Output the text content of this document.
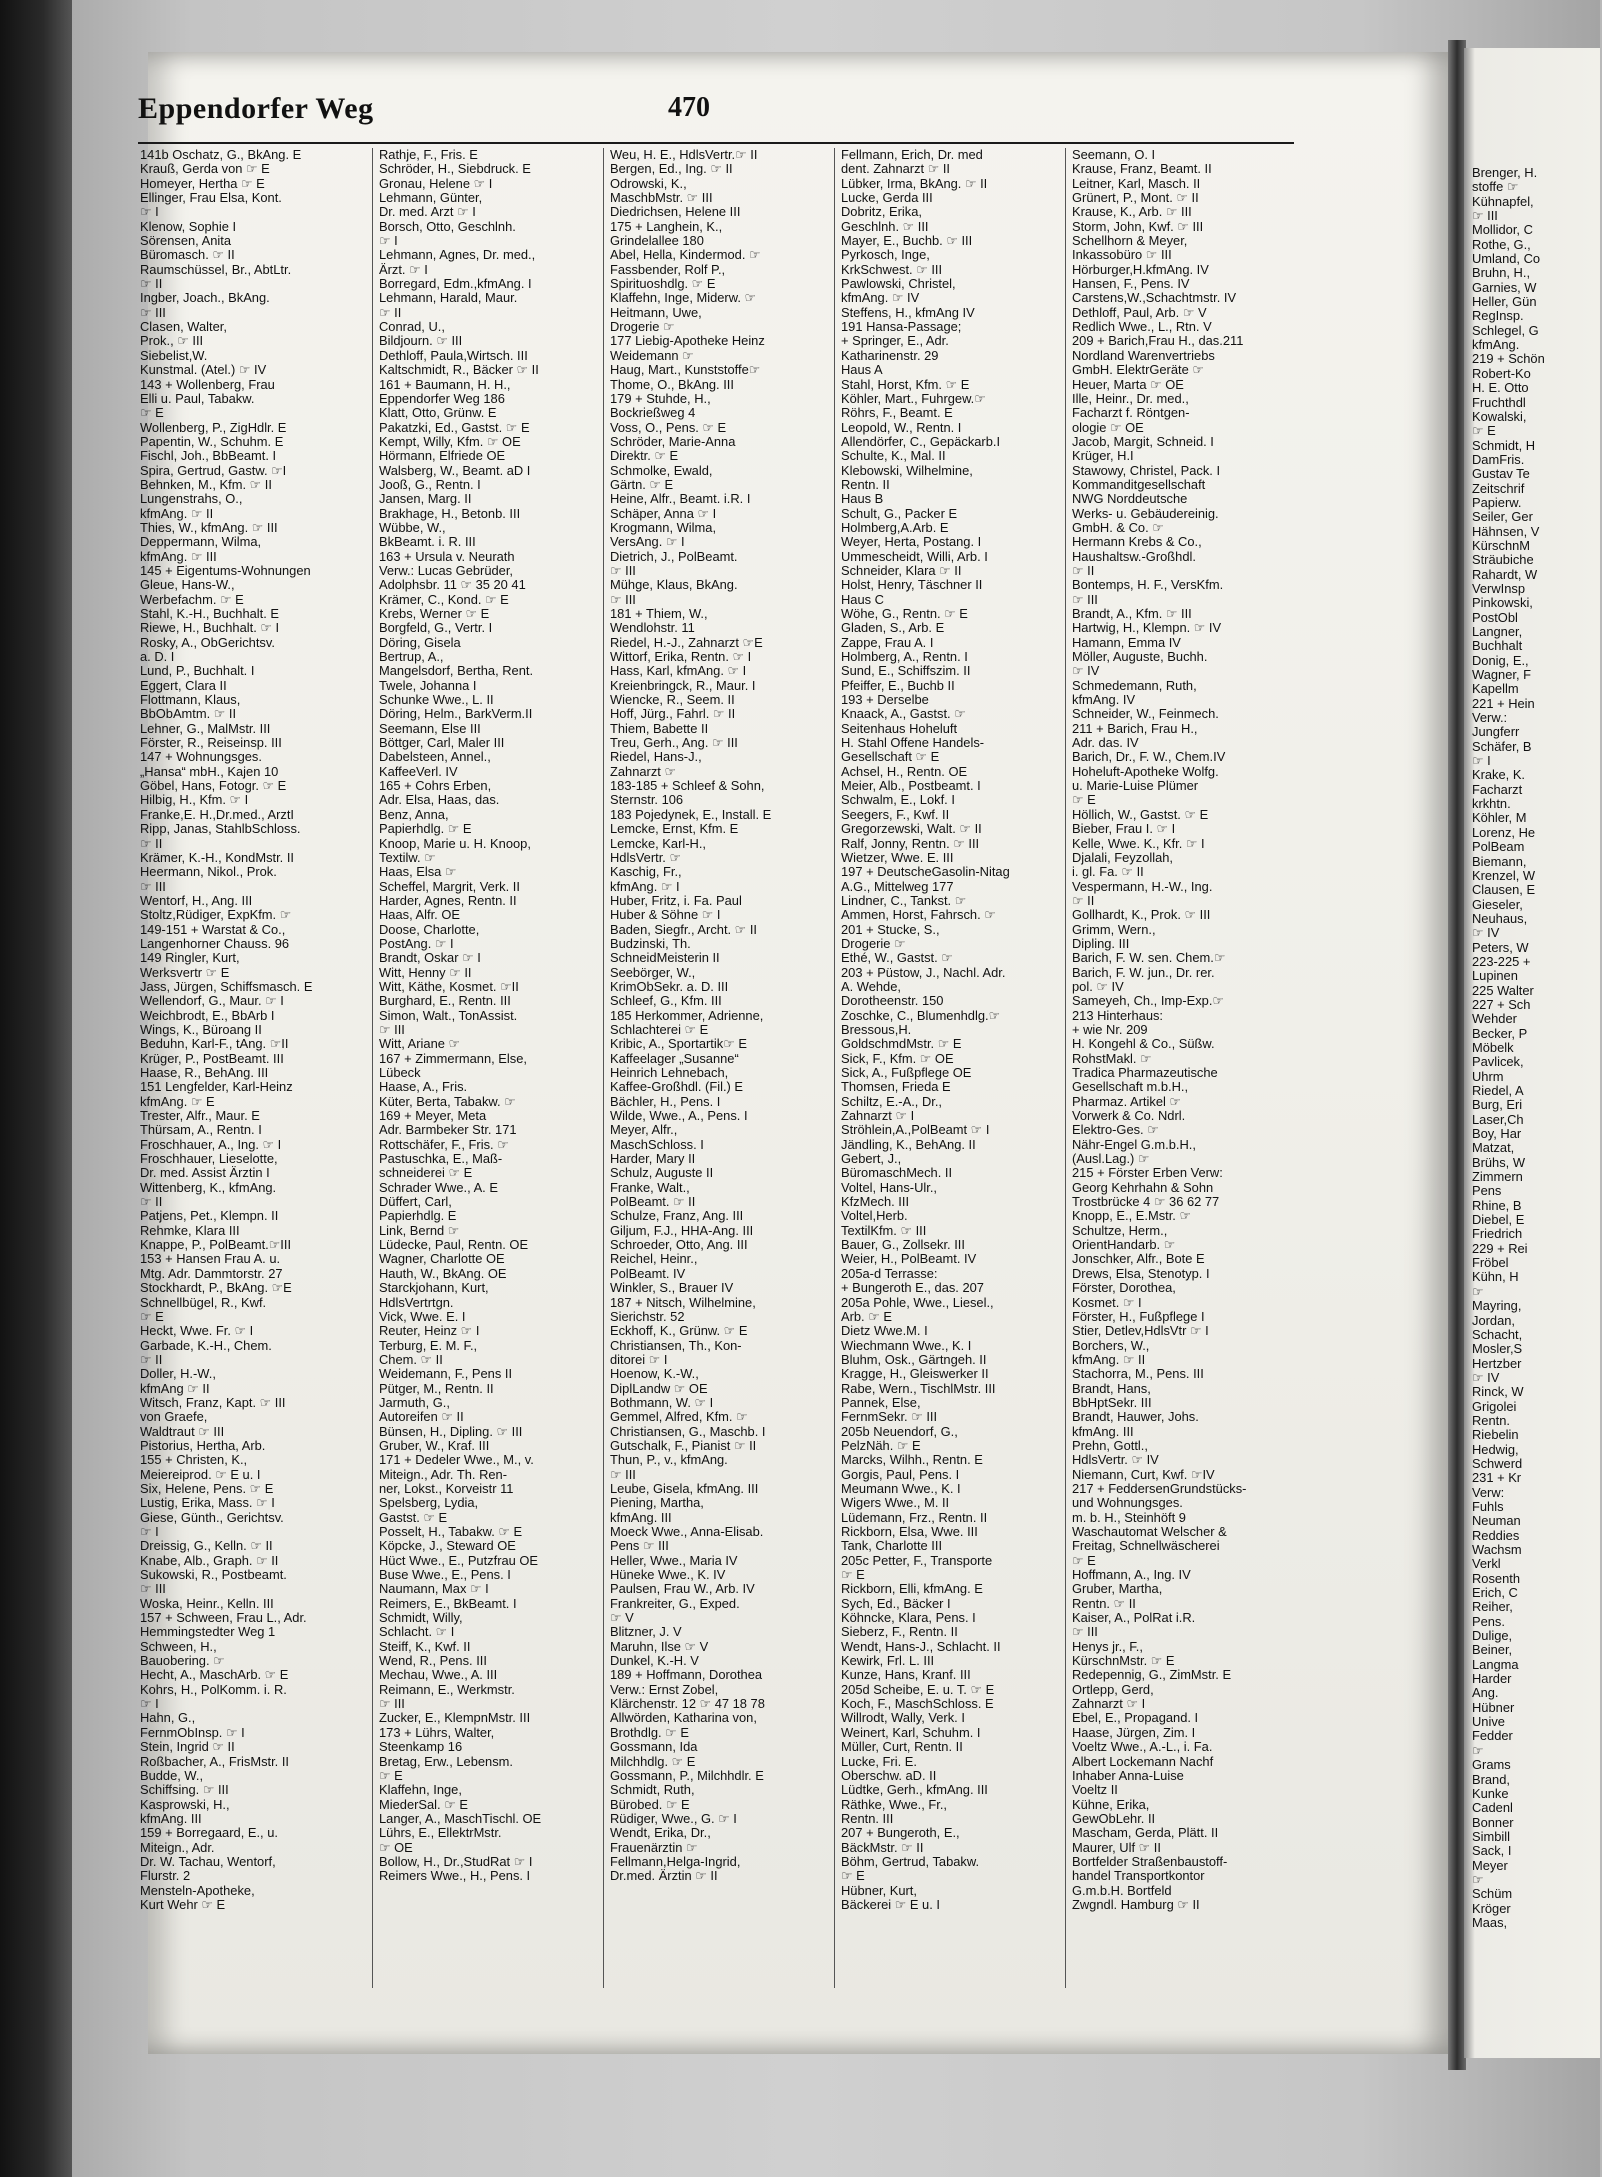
Eppendorfer Weg	470
141b Oschatz, G., BkAng. E
Krauß, Gerda von ☞ E
Homeyer, Hertha ☞ E
Ellinger, Frau Elsa, Kont.
☞ I
Klenow, Sophie I
Sörensen, Anita
Büromasch. ☞ II
Raumschüssel, Br., AbtLtr.
☞ II
Ingber, Joach., BkAng.
☞ III
Clasen, Walter,
Prok., ☞ III
Siebelist,W.
Kunstmal. (Atel.) ☞ IV
143 + Wollenberg, Frau
Elli u. Paul, Tabakw.
☞ E
Wollenberg, P., ZigHdlr. E
Papentin, W., Schuhm. E
Fischl, Joh., BbBeamt. I
Spira, Gertrud, Gastw. ☞I
Behnken, M., Kfm. ☞ II
Lungenstrahs, O.,
kfmAng. ☞ II
Thies, W., kfmAng. ☞ III
Deppermann, Wilma,
kfmAng. ☞ III
145 + Eigentums-Wohnungen
Gleue, Hans-W.,
Werbefachm. ☞ E
Stahl, K.-H., Buchhalt. E
Riewe, H., Buchhalt. ☞ I
Rosky, A., ObGerichtsv.
a. D. I
Lund, P., Buchhalt. I
Eggert, Clara II
Flottmann, Klaus,
BbObAmtm. ☞ II
Lehner, G., MalMstr. III
Förster, R., Reiseinsp. III
147 + Wohnungsges.
„Hansa“ mbH., Kajen 10
Göbel, Hans, Fotogr. ☞ E
Hilbig, H., Kfm. ☞ I
Franke,E. H.,Dr.med., ArztI
Ripp, Janas, StahlbSchloss.
☞ II
Krämer, K.-H., KondMstr. II
Heermann, Nikol., Prok.
☞ III
Wentorf, H., Ang. III
Stoltz,Rüdiger, ExpKfm. ☞
149-151 + Warstat & Co.,
Langenhorner Chauss. 96
149 Ringler, Kurt,
Werksvertr ☞ E
Jass, Jürgen, Schiffsmasch. E
Wellendorf, G., Maur. ☞ I
Weichbrodt, E., BbArb I
Wings, K., Büroang II
Beduhn, Karl-F., tAng. ☞II
Krüger, P., PostBeamt. III
Haase, R., BehAng. III
151 Lengfelder, Karl-Heinz
kfmAng. ☞ E
Trester, Alfr., Maur. E
Thürsam, A., Rentn. I
Froschhauer, A., Ing. ☞ I
Froschhauer, Lieselotte,
Dr. med. Assist Ärztin I
Wittenberg, K., kfmAng.
☞ II
Patjens, Pet., Klempn. II
Rehmke, Klara III
Knappe, P., PolBeamt.☞III
153 + Hansen Frau A. u.
Mtg. Adr. Dammtorstr. 27
Stockhardt, P., BkAng. ☞E
Schnellbügel, R., Kwf.
☞ E
Heckt, Wwe. Fr. ☞ I
Garbade, K.-H., Chem.
☞ II
Doller, H.-W.,
kfmAng ☞ II
Witsch, Franz, Kapt. ☞ III
von Graefe,
Waldtraut ☞ III
Pistorius, Hertha, Arb.
155 + Christen, K.,
Meiereiprod. ☞ E u. I
Six, Helene, Pens. ☞ E
Lustig, Erika, Mass. ☞ I
Giese, Günth., Gerichtsv.
☞ I
Dreissig, G., Kelln. ☞ II
Knabe, Alb., Graph. ☞ II
Sukowski, R., Postbeamt.
☞ III
Woska, Heinr., Kelln. III
157 + Schween, Frau L., Adr.
Hemmingstedter Weg 1
Schween, H.,
Bauobering. ☞
Hecht, A., MaschArb. ☞ E
Kohrs, H., PolKomm. i. R.
☞ I
Hahn, G.,
FernmObInsp. ☞ I
Stein, Ingrid ☞ II
Roßbacher, A., FrisMstr. II
Budde, W.,
Schiffsing. ☞ III
Kasprowski, H.,
kfmAng. III
159 + Borregaard, E., u.
Miteign., Adr.
Dr. W. Tachau, Wentorf,
Flurstr. 2
Mensteln-Apotheke,
Kurt Wehr ☞ E
Rathje, F., Fris. E
Schröder, H., Siebdruck. E
Gronau, Helene ☞ I
Lehmann, Günter,
Dr. med. Arzt ☞ I
Borsch, Otto, Geschlnh.
☞ I
Lehmann, Agnes, Dr. med.,
Ärzt. ☞ I
Borregard, Edm.,kfmAng. I
Lehmann, Harald, Maur.
☞ II
Conrad, U.,
Bildjourn. ☞ III
Dethloff, Paula,Wirtsch. III
Kaltschmidt, R., Bäcker ☞ II
161 + Baumann, H. H.,
Eppendorfer Weg 186
Klatt, Otto, Grünw. E
Pakatzki, Ed., Gastst. ☞ E
Kempt, Willy, Kfm. ☞ OE
Hörmann, Elfriede OE
Walsberg, W., Beamt. aD I
Jooß, G., Rentn. I
Jansen, Marg. II
Brakhage, H., Betonb. III
Wübbe, W.,
BkBeamt. i. R. III
163 + Ursula v. Neurath
Verw.: Lucas Gebrüder,
Adolphsbr. 11 ☞ 35 20 41
Krämer, C., Kond. ☞ E
Krebs, Werner ☞ E
Borgfeld, G., Vertr. I
Döring, Gisela
Bertrup, A.,
Mangelsdorf, Bertha, Rent.
Twele, Johanna I
Schunke Wwe., L. II
Döring, Helm., BarkVerm.II
Seemann, Else III
Böttger, Carl, Maler III
Dabelsteen, Annel.,
KaffeeVerl. IV
165 + Cohrs Erben,
Adr. Elsa, Haas, das.
Benz, Anna,
Papierhdlg. ☞ E
Knoop, Marie u. H. Knoop,
Textilw. ☞
Haas, Elsa ☞
Scheffel, Margrit, Verk. II
Harder, Agnes, Rentn. II
Haas, Alfr. OE
Doose, Charlotte,
PostAng. ☞ I
Brandt, Oskar ☞ I
Witt, Henny ☞ II
Witt, Käthe, Kosmet. ☞II
Burghard, E., Rentn. III
Simon, Walt., TonAssist.
☞ III
Witt, Ariane ☞
167 + Zimmermann, Else,
Lübeck
Haase, A., Fris.
Küter, Berta, Tabakw. ☞
169 + Meyer, Meta
Adr. Barmbeker Str. 171
Rottschäfer, F., Fris. ☞
Pastuschka, E., Maß-
schneiderei ☞ E
Schrader Wwe., A. E
Düffert, Carl,
Papierhdlg. E
Link, Bernd ☞
Lüdecke, Paul, Rentn. OE
Wagner, Charlotte OE
Hauth, W., BkAng. OE
Starckjohann, Kurt,
HdlsVertrtgn.
Vick, Wwe. E. I
Reuter, Heinz ☞ I
Terburg, E. M. F.,
Chem. ☞ II
Weidemann, F., Pens II
Pütger, M., Rentn. II
Jarmuth, G.,
Autoreifen ☞ II
Bünsen, H., Dipling. ☞ III
Gruber, W., Kraf. III
171 + Dedeler Wwe., M., v.
Miteign., Adr. Th. Ren-
ner, Lokst., Korveistr 11
Spelsberg, Lydia,
Gastst. ☞ E
Posselt, H., Tabakw. ☞ E
Köpcke, J., Steward OE
Hüct Wwe., E., Putzfrau OE
Buse Wwe., E., Pens. I
Naumann, Max ☞ I
Reimers, E., BkBeamt. I
Schmidt, Willy,
Schlacht. ☞ I
Steiff, K., Kwf. II
Wend, R., Pens. III
Mechau, Wwe., A. III
Reimann, E., Werkmstr.
☞ III
Zucker, E., KlempnMstr. III
173 + Lührs, Walter,
Steenkamp 16
Bretag, Erw., Lebensm.
☞ E
Klaffehn, Inge,
MiederSal. ☞ E
Langer, A., MaschTischl. OE
Lührs, E., EllektrMstr.
☞ OE
Bollow, H., Dr.,StudRat ☞ I
Reimers Wwe., H., Pens. I
Weu, H. E., HdlsVertr.☞ II
Bergen, Ed., Ing. ☞ II
Odrowski, K.,
MaschbMstr. ☞ III
Diedrichsen, Helene III
175 + Langhein, K.,
Grindelallee 180
Abel, Hella, Kindermod. ☞
Fassbender, Rolf P.,
Spirituoshdlg. ☞ E
Klaffehn, Inge, Miderw. ☞
Heitmann, Uwe,
Drogerie ☞
177 Liebig-Apotheke Heinz
Weidemann ☞
Haug, Mart., Kunststoffe☞
Thome, O., BkAng. III
179 + Stuhde, H.,
Bockrießweg 4
Voss, O., Pens. ☞ E
Schröder, Marie-Anna
Direktr. ☞ E
Schmolke, Ewald,
Gärtn. ☞ E
Heine, Alfr., Beamt. i.R. I
Schäper, Anna ☞ I
Krogmann, Wilma,
VersAng. ☞ I
Dietrich, J., PolBeamt.
☞ III
Mühge, Klaus, BkAng.
☞ III
181 + Thiem, W.,
Wendlohstr. 11
Riedel, H.-J., Zahnarzt ☞E
Wittorf, Erika, Rentn. ☞ I
Hass, Karl, kfmAng. ☞ I
Kreienbringck, R., Maur. I
Wiencke, R., Seem. II
Hoff, Jürg., Fahrl. ☞ II
Thiem, Babette II
Treu, Gerh., Ang. ☞ III
Riedel, Hans-J.,
Zahnarzt ☞
183-185 + Schleef & Sohn,
Sternstr. 106
183 Pojedynek, E., Install. E
Lemcke, Ernst, Kfm. E
Lemcke, Karl-H.,
HdlsVertr. ☞
Kaschig, Fr.,
kfmAng. ☞ I
Huber, Fritz, i. Fa. Paul
Huber & Söhne ☞ I
Baden, Siegfr., Archt. ☞ II
Budzinski, Th.
SchneidMeisterin II
Seebörger, W.,
KrimObSekr. a. D. III
Schleef, G., Kfm. III
185 Herkommer, Adrienne,
Schlachterei ☞ E
Kribic, A., Sportartik☞ E
Kaffeelager „Susanne“
Heinrich Lehnebach,
Kaffee-Großhdl. (Fil.) E
Bächler, H., Pens. I
Wilde, Wwe., A., Pens. I
Meyer, Alfr.,
MaschSchloss. I
Harder, Mary II
Schulz, Auguste II
Franke, Walt.,
PolBeamt. ☞ II
Schulze, Franz, Ang. III
Giljum, F.J., HHA-Ang. III
Schroeder, Otto, Ang. III
Reichel, Heinr.,
PolBeamt. IV
Winkler, S., Brauer IV
187 + Nitsch, Wilhelmine,
Sierichstr. 52
Eckhoff, K., Grünw. ☞ E
Christiansen, Th., Kon-
ditorei ☞ I
Hoenow, K.-W.,
DiplLandw ☞ OE
Bothmann, W. ☞ I
Gemmel, Alfred, Kfm. ☞
Christiansen, G., Maschb. I
Gutschalk, F., Pianist ☞ II
Thun, P., v., kfmAng.
☞ III
Leube, Gisela, kfmAng. III
Piening, Martha,
kfmAng. III
Moeck Wwe., Anna-Elisab.
Pens ☞ III
Heller, Wwe., Maria IV
Hüneke Wwe., K. IV
Paulsen, Frau W., Arb. IV
Frankreiter, G., Exped.
☞ V
Blitzner, J. V
Maruhn, Ilse ☞ V
Dunkel, K.-H. V
189 + Hoffmann, Dorothea
Verw.: Ernst Zobel,
Klärchenstr. 12 ☞ 47 18 78
Allwörden, Katharina von,
Brothdlg. ☞ E
Gossmann, Ida
Milchhdlg. ☞ E
Gossmann, P., Milchhdlr. E
Schmidt, Ruth,
Bürobed. ☞ E
Rüdiger, Wwe., G. ☞ I
Wendt, Erika, Dr.,
Frauenärztin ☞
Fellmann,Helga-Ingrid,
Dr.med. Ärztin ☞ II
Fellmann, Erich, Dr. med
dent. Zahnarzt ☞ II
Lübker, Irma, BkAng. ☞ II
Lucke, Gerda III
Dobritz, Erika,
Geschlnh. ☞ III
Mayer, E., Buchb. ☞ III
Pyrkosch, Inge,
KrkSchwest. ☞ III
Pawlowski, Christel,
kfmAng. ☞ IV
Steffens, H., kfmAng IV
191 Hansa-Passage;
+ Springer, E., Adr.
Katharinenstr. 29
Haus A
Stahl, Horst, Kfm. ☞ E
Köhler, Mart., Fuhrgew.☞
Röhrs, F., Beamt. E
Leopold, W., Rentn. I
Allendörfer, C., Gepäckarb.I
Schulte, K., Mal. II
Klebowski, Wilhelmine,
Rentn. II
Haus B
Schult, G., Packer E
Holmberg,A.Arb. E
Weyer, Herta, Postang. I
Ummescheidt, Willi, Arb. I
Schneider, Klara ☞ II
Holst, Henry, Täschner II
Haus C
Wöhe, G., Rentn. ☞ E
Gladen, S., Arb. E
Zappe, Frau A. I
Holmberg, A., Rentn. I
Sund, E., Schiffszim. II
Pfeiffer, E., Buchb II
193 + Derselbe
Knaack, A., Gastst. ☞
Seitenhaus Hoheluft
H. Stahl Offene Handels-
Gesellschaft ☞ E
Achsel, H., Rentn. OE
Meier, Alb., Postbeamt. I
Schwalm, E., Lokf. I
Seegers, F., Kwf. II
Gregorzewski, Walt. ☞ II
Ralf, Jonny, Rentn. ☞ III
Wietzer, Wwe. E. III
197 + DeutscheGasolin-Nitag
A.G., Mittelweg 177
Lindner, C., Tankst. ☞
Ammen, Horst, Fahrsch. ☞
201 + Stucke, S.,
Drogerie ☞
Ethé, W., Gastst. ☞
203 + Püstow, J., Nachl. Adr.
A. Wehde,
Dorotheenstr. 150
Zoschke, C., Blumenhdlg.☞
Bressous,H.
GoldschmdMstr. ☞ E
Sick, F., Kfm. ☞ OE
Sick, A., Fußpflege OE
Thomsen, Frieda E
Schiltz, E.-A., Dr.,
Zahnarzt ☞ I
Ströhlein,A.,PolBeamt ☞ I
Jändling, K., BehAng. II
Gebert, J.,
BüromaschMech. II
Voltel, Hans-Ulr.,
KfzMech. III
Voltel,Herb.
TextilKfm. ☞ III
Bauer, G., Zollsekr. III
Weier, H., PolBeamt. IV
205a-d Terrasse:
+ Bungeroth E., das. 207
205a Pohle, Wwe., Liesel.,
Arb. ☞ E
Dietz Wwe.M. I
Wiechmann Wwe., K. I
Bluhm, Osk., Gärtngeh. II
Kragge, H., Gleiswerker II
Rabe, Wern., TischlMstr. III
Pannek, Else,
FernmSekr. ☞ III
205b Neuendorf, G.,
PelzNäh. ☞ E
Marcks, Wilhh., Rentn. E
Gorgis, Paul, Pens. I
Meumann Wwe., K. I
Wigers Wwe., M. II
Lüdemann, Frz., Rentn. II
Rickborn, Elsa, Wwe. III
Tank, Charlotte III
205c Petter, F., Transporte
☞ E
Rickborn, Elli, kfmAng. E
Sych, Ed., Bäcker I
Köhncke, Klara, Pens. I
Sieberz, F., Rentn. II
Wendt, Hans-J., Schlacht. II
Kewirk, Frl. L. III
Kunze, Hans, Kranf. III
205d Scheibe, E. u. T. ☞ E
Koch, F., MaschSchloss. E
Willrodt, Wally, Verk. I
Weinert, Karl, Schuhm. I
Müller, Curt, Rentn. II
Lucke, Fri. E.
Oberschw. aD. II
Lüdtke, Gerh., kfmAng. III
Räthke, Wwe., Fr.,
Rentn. III
207 + Bungeroth, E.,
BäckMstr. ☞ II
Böhm, Gertrud, Tabakw.
☞ E
Hübner, Kurt,
Bäckerei ☞ E u. I
Seemann, O. I
Krause, Franz, Beamt. II
Leitner, Karl, Masch. II
Grünert, P., Mont. ☞ II
Krause, K., Arb. ☞ III
Storm, John, Kwf. ☞ III
Schellhorn & Meyer,
Inkassobüro ☞ III
Hörburger,H.kfmAng. IV
Hansen, F., Pens. IV
Carstens,W.,Schachtmstr. IV
Dethloff, Paul, Arb. ☞ V
Redlich Wwe., L., Rtn. V
209 + Barich,Frau H., das.211
Nordland Warenvertriebs
GmbH. ElektrGeräte ☞
Heuer, Marta ☞ OE
Ille, Heinr., Dr. med.,
Facharzt f. Röntgen-
ologie ☞ OE
Jacob, Margit, Schneid. I
Krüger, H.I
Stawowy, Christel, Pack. I
Kommanditgesellschaft
NWG Norddeutsche
Werks- u. Gebäudereinig.
GmbH. & Co. ☞
Hermann Krebs & Co.,
Haushaltsw.-Großhdl.
☞ II
Bontemps, H. F., VersKfm.
☞ III
Brandt, A., Kfm. ☞ III
Hartwig, H., Klempn. ☞ IV
Hamann, Emma IV
Möller, Auguste, Buchh.
☞ IV
Schmedemann, Ruth,
kfmAng. IV
Schneider, W., Feinmech.
211 + Barich, Frau H.,
Adr. das. IV
Barich, Dr., F. W., Chem.IV
Hoheluft-Apotheke Wolfg.
u. Marie-Luise Plümer
☞ E
Höllich, W., Gastst. ☞ E
Bieber, Frau I. ☞ I
Kelle, Wwe. K., Kfr. ☞ I
Djalali, Feyzollah,
i. gl. Fa. ☞ II
Vespermann, H.-W., Ing.
☞ II
Gollhardt, K., Prok. ☞ III
Grimm, Wern.,
Dipling. III
Barich, F. W. sen. Chem.☞
Barich, F. W. jun., Dr. rer.
pol. ☞ IV
Sameyeh, Ch., Imp-Exp.☞
213 Hinterhaus:
+ wie Nr. 209
H. Kongehl & Co., Süßw.
RohstMakl. ☞
Tradica Pharmazeutische
Gesellschaft m.b.H.,
Pharmaz. Artikel ☞
Vorwerk & Co. Ndrl.
Elektro-Ges. ☞
Nähr-Engel G.m.b.H.,
(Ausl.Lag.) ☞
215 + Förster Erben Verw:
Georg Kehrhahn & Sohn
Trostbrücke 4 ☞ 36 62 77
Knopp, E., E.Mstr. ☞
Schultze, Herm.,
OrientHandarb. ☞
Jonschker, Alfr., Bote E
Drews, Elsa, Stenotyp. I
Förster, Dorothea,
Kosmet. ☞ I
Förster, H., Fußpflege I
Stier, Detlev,HdlsVtr ☞ I
Borchers, W.,
kfmAng. ☞ II
Stachorra, M., Pens. III
Brandt, Hans,
BbHptSekr. III
Brandt, Hauwer, Johs.
kfmAng. III
Prehn, Gottl.,
HdlsVertr. ☞ IV
Niemann, Curt, Kwf. ☞IV
217 + FeddersenGrundstücks-
und Wohnungsges.
m. b. H., Steinhöft 9
Waschautomat Welscher &
Freitag, Schnellwäscherei
☞ E
Hoffmann, A., Ing. IV
Gruber, Martha,
Rentn. ☞ II
Kaiser, A., PolRat i.R.
☞ III
Henys jr., F.,
KürschnMstr. ☞ E
Redepennig, G., ZimMstr. E
Ortlepp, Gerd,
Zahnarzt ☞ I
Ebel, E., Propagand. I
Haase, Jürgen, Zim. I
Voeltz Wwe., A.-L., i. Fa.
Albert Lockemann Nachf
Inhaber Anna-Luise
Voeltz II
Kühne, Erika,
GewObLehr. II
Mascham, Gerda, Plätt. II
Maurer, Ulf ☞ II
Bortfelder Straßenbaustoff-
handel Transportkontor
G.m.b.H. Bortfeld
Zwgndl. Hamburg ☞ II
Brenger, H.
stoffe ☞
Kühnapfel,
☞ III
Mollidor, C
Rothe, G.,
Umland, Co
Bruhn, H.,
Garnies, W
Heller, Gün
RegInsp.
Schlegel, G
kfmAng.
219 + Schön
Robert-Ko
H. E. Otto
Fruchthdl
Kowalski,
☞ E
Schmidt, H
DamFris.
Gustav Te
Zeitschrif
Papierw.
Seiler, Ger
Hähnsen, V
KürschnM
Sträubiche
Rahardt, W
VerwInsp
Pinkowski,
PostObl
Langner,
Buchhalt
Donig, E.,
Wagner, F
Kapellm
221 + Hein
Verw.:
Jungferr
Schäfer, B
☞ I
Krake, K.
Facharzt
krkhtn.
Köhler, M
Lorenz, He
PolBeam
Biemann,
Krenzel, W
Clausen, E
Gieseler,
Neuhaus,
☞ IV
Peters, W
223-225 +
Lupinen
225 Walter
227 + Sch
Wehder
Becker, P
Möbelk
Pavlicek,
Uhrm
Riedel, A
Burg, Eri
Laser,Ch
Boy, Har
Matzat,
Brühs, W
Zimmern
Pens
Rhine, B
Diebel, E
Friedrich
229 + Rei
Fröbel
Kühn, H
☞
Mayring,
Jordan,
Schacht,
Mosler,S
Hertzber
☞ IV
Rinck, W
Grigolei
Rentn.
Riebelin
Hedwig,
Schwerd
231 + Kr
Verw:
Fuhls
Neuman
Reddies
Wachsm
Verkl
Rosenth
Erich, C
Reiher,
Pens.
Dulige,
Beiner,
Langma
Harder
Ang.
Hübner
Unive
Fedder
☞
Grams
Brand,
Kunke
Cadenl
Bonner
Simbill
Sack, I
Meyer
☞
Schüm
Kröger
Maas,
